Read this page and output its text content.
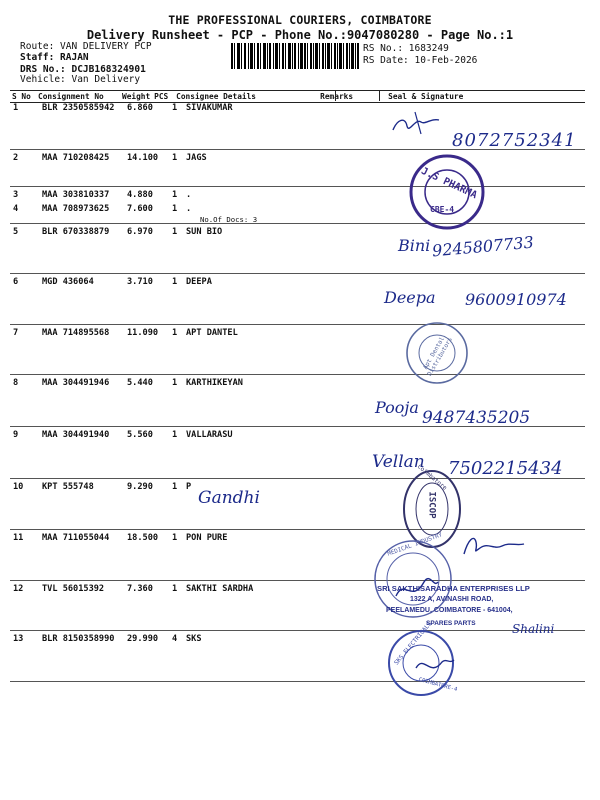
THE PROFESSIONAL COURIERS, COIMBATORE
Delivery Runsheet - PCP - Phone No.:9047080280 - Page No.:1
Route: VAN DELIVERY PCP
Staff: RAJAN
DRS No.: DCJB168324901
Vehicle: Van Delivery
RS No.: 1683249
RS Date: 10-Feb-2026
S No	Consignment No	Weight	PCS	Consignee Details	Remarks	Seal & Signature
1	BLR 2350585942 6.860 1 SIVAKUMAR
2	MAA 710208425 14.100 1 JAGS
3	MAA 303810337 4.880 1 .
4	MAA 708973625 7.600 1 .
5	BLR 670338879 6.970 1 SUN BIO
6	MGD 436064	3.710 1 DEEPA
7	MAA 714895568 11.090 1 APT DANTEL
8	MAA 304491946 5.440 1 KARTHIKEYAN
9	MAA 304491940 5.560 1 VALLARASU
10 KPT 555748	9.290 1 P
11 MAA 711055044 18.500 1 PON PURE
12 TVL 56015392	7.360 1 SAKTHI SARDHA
13 BLR 8150358990 29.990 4 SKS
No.Of Docs: 3
8072752341
Bini 9245807733
Deepa 9600910974
Pooja
9487435205
Vellan 7502215434
Gandhi
Shalini
J.S PHARMA
CBE-4
Apt Dental Distributors
ISCOP
Coimbatore
MEDICAL INDUSTRY
SRI SAKTHISARADHA ENTERPRISES LLP
1322 A, AVINASHI ROAD,
PEELAMEDU, COIMBATORE - 641004,
SPARES PARTS
SKS ELECTRICALS
COIMBATORE-4
